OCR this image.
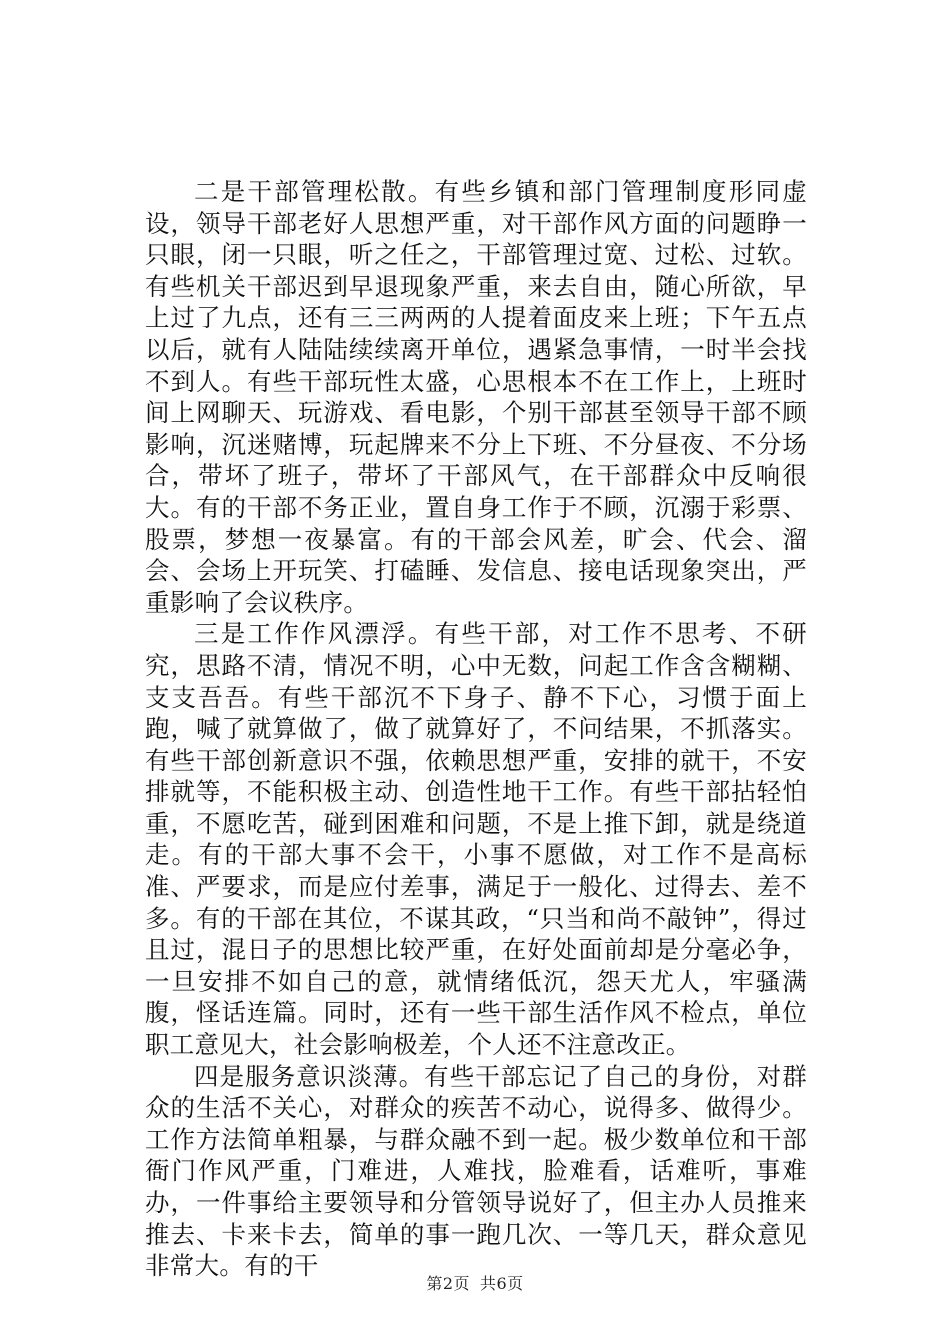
二是干部管理松散。有些乡镇和部门管理制度形同虚设，领导干部老好人思想严重，对干部作风方面的问题睁一只眼，闭一只眼，听之任之，干部管理过宽、过松、过软。有些机关干部迟到早退现象严重，来去自由，随心所欲，早上过了九点，还有三三两两的人提着面皮来上班；下午五点以后，就有人陆陆续续离开单位，遇紧急事情，一时半会找不到人。有些干部玩性太盛，心思根本不在工作上，上班时间上网聊天、玩游戏、看电影，个别干部甚至领导干部不顾影响，沉迷赌博，玩起牌来不分上下班、不分昼夜、不分场合，带坏了班子，带坏了干部风气，在干部群众中反响很大。有的干部不务正业，置自身工作于不顾，沉溺于彩票、股票，梦想一夜暴富。有的干部会风差，旷会、代会、溜会、会场上开玩笑、打磕睡、发信息、接电话现象突出，严重影响了会议秩序。

三是工作作风漂浮。有些干部，对工作不思考、不研究，思路不清，情况不明，心中无数，问起工作含含糊糊、支支吾吾。有些干部沉不下身子、静不下心，习惯于面上跑，喊了就算做了，做了就算好了，不问结果，不抓落实。有些干部创新意识不强，依赖思想严重，安排的就干，不安排就等，不能积极主动、创造性地干工作。有些干部拈轻怕重，不愿吃苦，碰到困难和问题，不是上推下卸，就是绕道走。有的干部大事不会干，小事不愿做，对工作不是高标准、严要求，而是应付差事，满足于一般化、过得去、差不多。有的干部在其位，不谋其政，“只当和尚不敲钟”，得过且过，混日子的思想比较严重，在好处面前却是分毫必争，一旦安排不如自己的意，就情绪低沉，怨天尤人，牢骚满腹，怪话连篇。同时，还有一些干部生活作风不检点，单位职工意见大，社会影响极差，个人还不注意改正。

四是服务意识淡薄。有些干部忘记了自己的身份，对群众的生活不关心，对群众的疾苦不动心，说得多、做得少。工作方法简单粗暴，与群众融不到一起。极少数单位和干部衙门作风严重，门难进，人难找，脸难看，话难听，事难办，一件事给主要领导和分管领导说好了，但主办人员推来推去、卡来卡去，简单的事一跑几次、一等几天，群众意见非常大。有的干

第2页 共6页
